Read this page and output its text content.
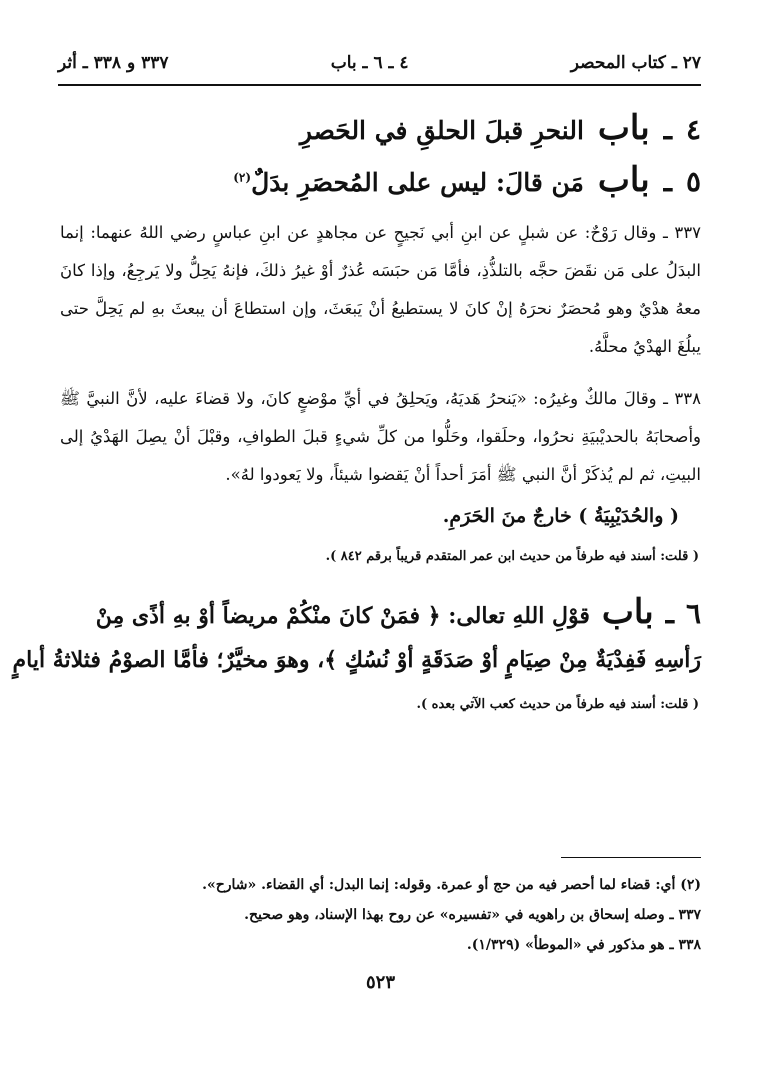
٢٧ ـ كتاب المحصر
٤ ـ ٦ ـ باب
٣٣٧ و ٣٣٨ ـ أثر
٤
ـ
باب
النحرِ قبلَ الحلقِ في الحَصرِ
٥
ـ
باب
مَن قالَ: ليس على المُحصَرِ بدَلٌ$^{(٢)}$

٣٣٧ ـ وقال رَوْحٌ: عن شبلٍ عن ابنِ أبي نَجيحٍ عن مجاهدٍ عن ابنِ عباسٍ رضي اللهُ عنهما: إنما البدَلُ على مَن نقَضَ حجَّه بالتلذُّذِ، فأمَّا مَن حبَسَه عُذرٌ أوْ غيرُ ذلكَ، فإنهُ يَحِلُّ ولا يَرجِعُ، وإذا كانَ معهُ هدْيٌ وهو مُحصَرٌ نحرَهُ إنْ كانَ لا يستطيعُ أنْ يَبعَثَ، وإن استطاعَ أن يبعثَ بهِ لم يَحِلَّ حتى يبلُغَ الهدْيُ محلَّهُ.

٣٣٨ ـ وقالَ مالكٌ وغيرُه: «يَنحرُ هَديَهُ، ويَحلِقُ في أيِّ موْضعٍ كانَ، ولا قضاءَ عليه، لأنَّ النبيَّ ﷺ وأصحابَهُ بالحديْبيَةِ نحرُوا، وحلَقوا، وحَلُّوا من كلِّ شيءٍ قبلَ الطوافِ، وقبْلَ أنْ يصِلَ الهَدْيُ إلى البيتِ، ثم لم يُذكَرْ أنَّ النبي ﷺ أمَرَ أحداً أنْ يَقضوا شيئاً، ولا يَعودوا لهُ».

( والحُدَيْبِيَةُ ) خارجٌ منَ الحَرَمِ.

( قلت: أسند فيه طرفاً من حديث ابن عمر المتقدم قريباً برقم ٨٤٢ ).

٦
ـ
باب
قوْلِ اللهِ تعالى: ﴿ فمَنْ كانَ منْكُمْ مريضاً أوْ بهِ أذًى مِنْ
رَأسِهِ فَفِدْيَةٌ مِنْ صِيَامٍ أوْ صَدَقَةٍ أوْ نُسُكٍ ﴾، وهوَ مخيَّرٌ؛ فأمَّا الصوْمُ فثلاثةُ أيامٍ

( قلت: أسند فيه طرفاً من حديث كعب الآتي بعده ).

(٢) أي: قضاء لما أحصر فيه من حج أو عمرة. وقوله: إنما البدل: أي القضاء. «شارح».

٣٣٧ ـ وصله إسحاق بن راهويه في «تفسيره» عن روح بهذا الإسناد، وهو صحيح.

٣٣٨ ـ هو مذكور في «الموطأ» (١/٣٢٩).

٥٢٣
